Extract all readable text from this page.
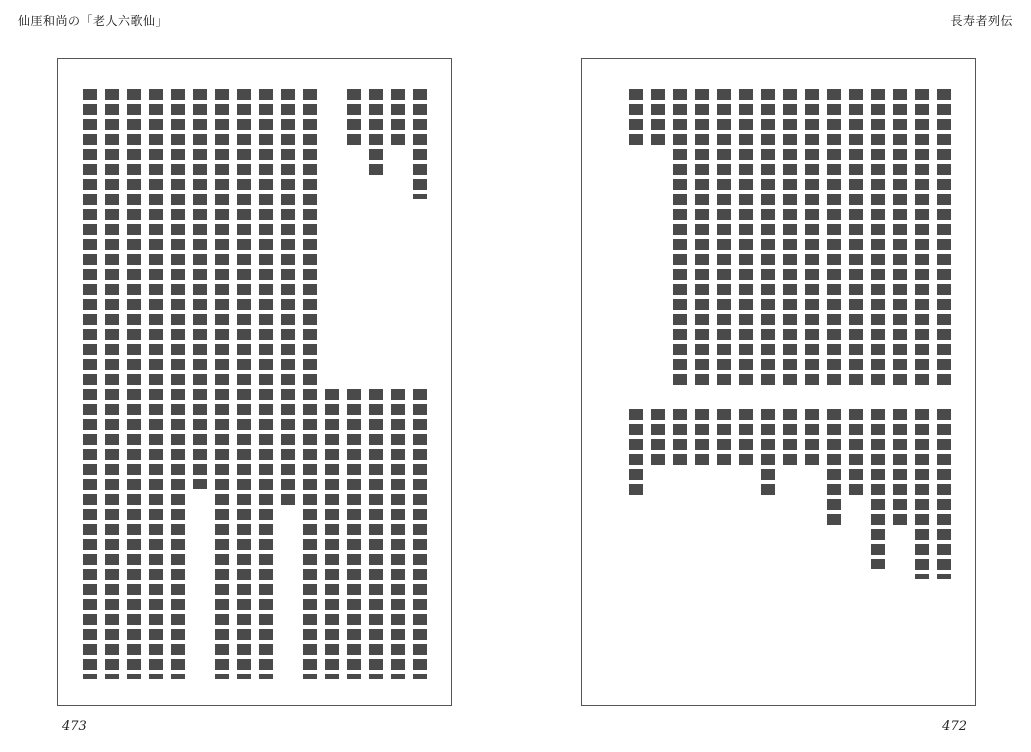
仙厓和尚の「老人六歌仙」	長寿者列伝
473	472
